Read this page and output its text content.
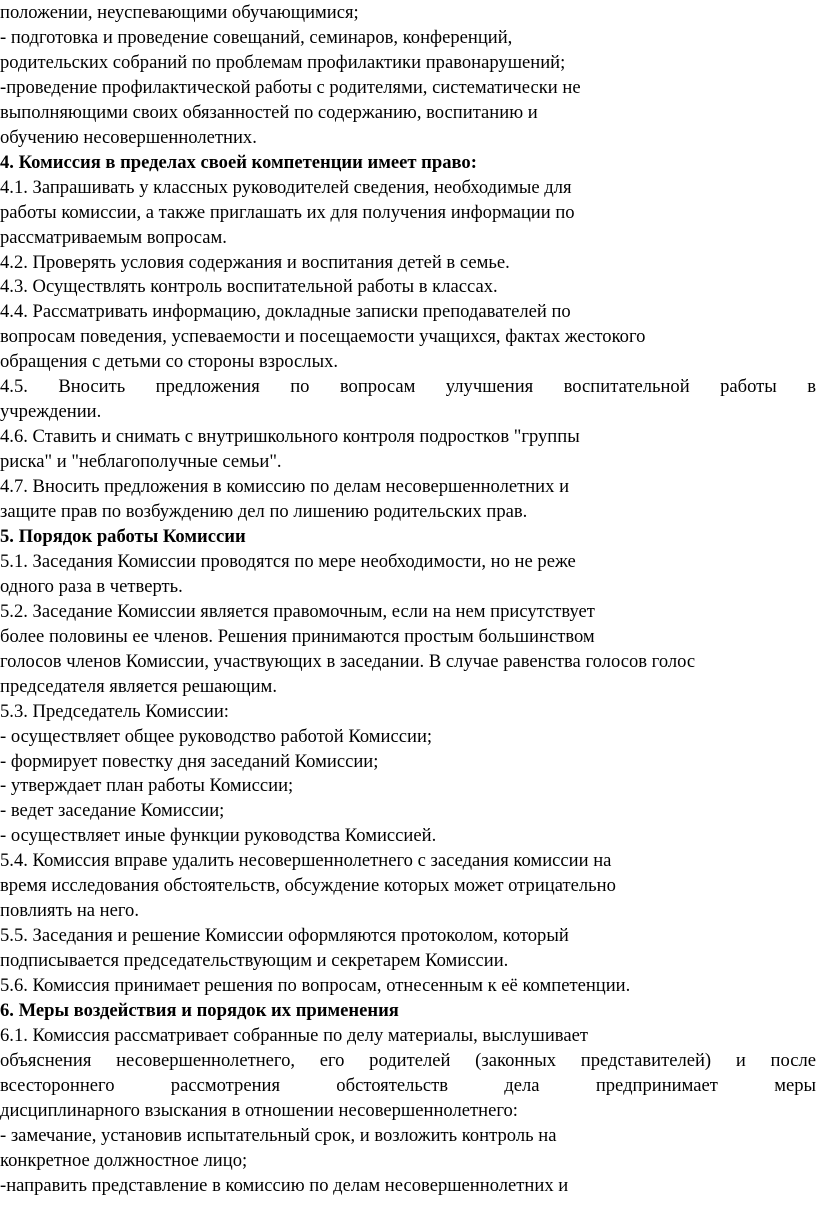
положении, неуспевающими обучающимися;
- подготовка и проведение совещаний, семинаров, конференций,
родительских собраний по проблемам профилактики правонарушений;
-проведение профилактической работы с родителями, систематически не
выполняющими своих обязанностей по содержанию, воспитанию и
обучению несовершеннолетних.
4. Комиссия в пределах своей компетенции имеет право:
4.1. Запрашивать у классных руководителей сведения, необходимые для
работы комиссии, а также приглашать их для получения информации по
рассматриваемым вопросам.
4.2. Проверять условия содержания и воспитания детей в семье.
4.3. Осуществлять контроль воспитательной работы в классах.
4.4. Рассматривать информацию, докладные записки преподавателей по
вопросам поведения, успеваемости и посещаемости учащихся, фактах жестокого
обращения с детьми со стороны взрослых.
4.5. Вносить предложения по вопросам улучшения воспитательной работы в
учреждении.
4.6. Ставить и снимать с внутришкольного контроля подростков "группы
риска" и "неблагополучные семьи".
4.7. Вносить предложения в комиссию по делам несовершеннолетних и
защите прав по возбуждению дел по лишению родительских прав.
5. Порядок работы Комиссии
5.1. Заседания Комиссии проводятся по мере необходимости, но не реже
одного раза в четверть.
5.2. Заседание Комиссии является правомочным, если на нем присутствует
более половины ее членов. Решения принимаются простым большинством
голосов членов Комиссии, участвующих в заседании. В случае равенства голосов голос
председателя является решающим.
5.3. Председатель Комиссии:
- осуществляет общее руководство работой Комиссии;
- формирует повестку дня заседаний Комиссии;
- утверждает план работы Комиссии;
- ведет заседание Комиссии;
- осуществляет иные функции руководства Комиссией.
5.4. Комиссия вправе удалить несовершеннолетнего с заседания комиссии на
время исследования обстоятельств, обсуждение которых может отрицательно
повлиять на него.
5.5. Заседания и решение Комиссии оформляются протоколом, который
подписывается председательствующим и секретарем Комиссии.
5.6. Комиссия принимает решения по вопросам, отнесенным к её компетенции.
6. Меры воздействия и порядок их применения
6.1. Комиссия рассматривает собранные по делу материалы, выслушивает
объяснения несовершеннолетнего, его родителей (законных представителей) и после
всестороннего рассмотрения обстоятельств дела предпринимает меры
дисциплинарного взыскания в отношении несовершеннолетнего:
- замечание, установив испытательный срок, и возложить контроль на
конкретное должностное лицо;
-направить представление в комиссию по делам несовершеннолетних и
